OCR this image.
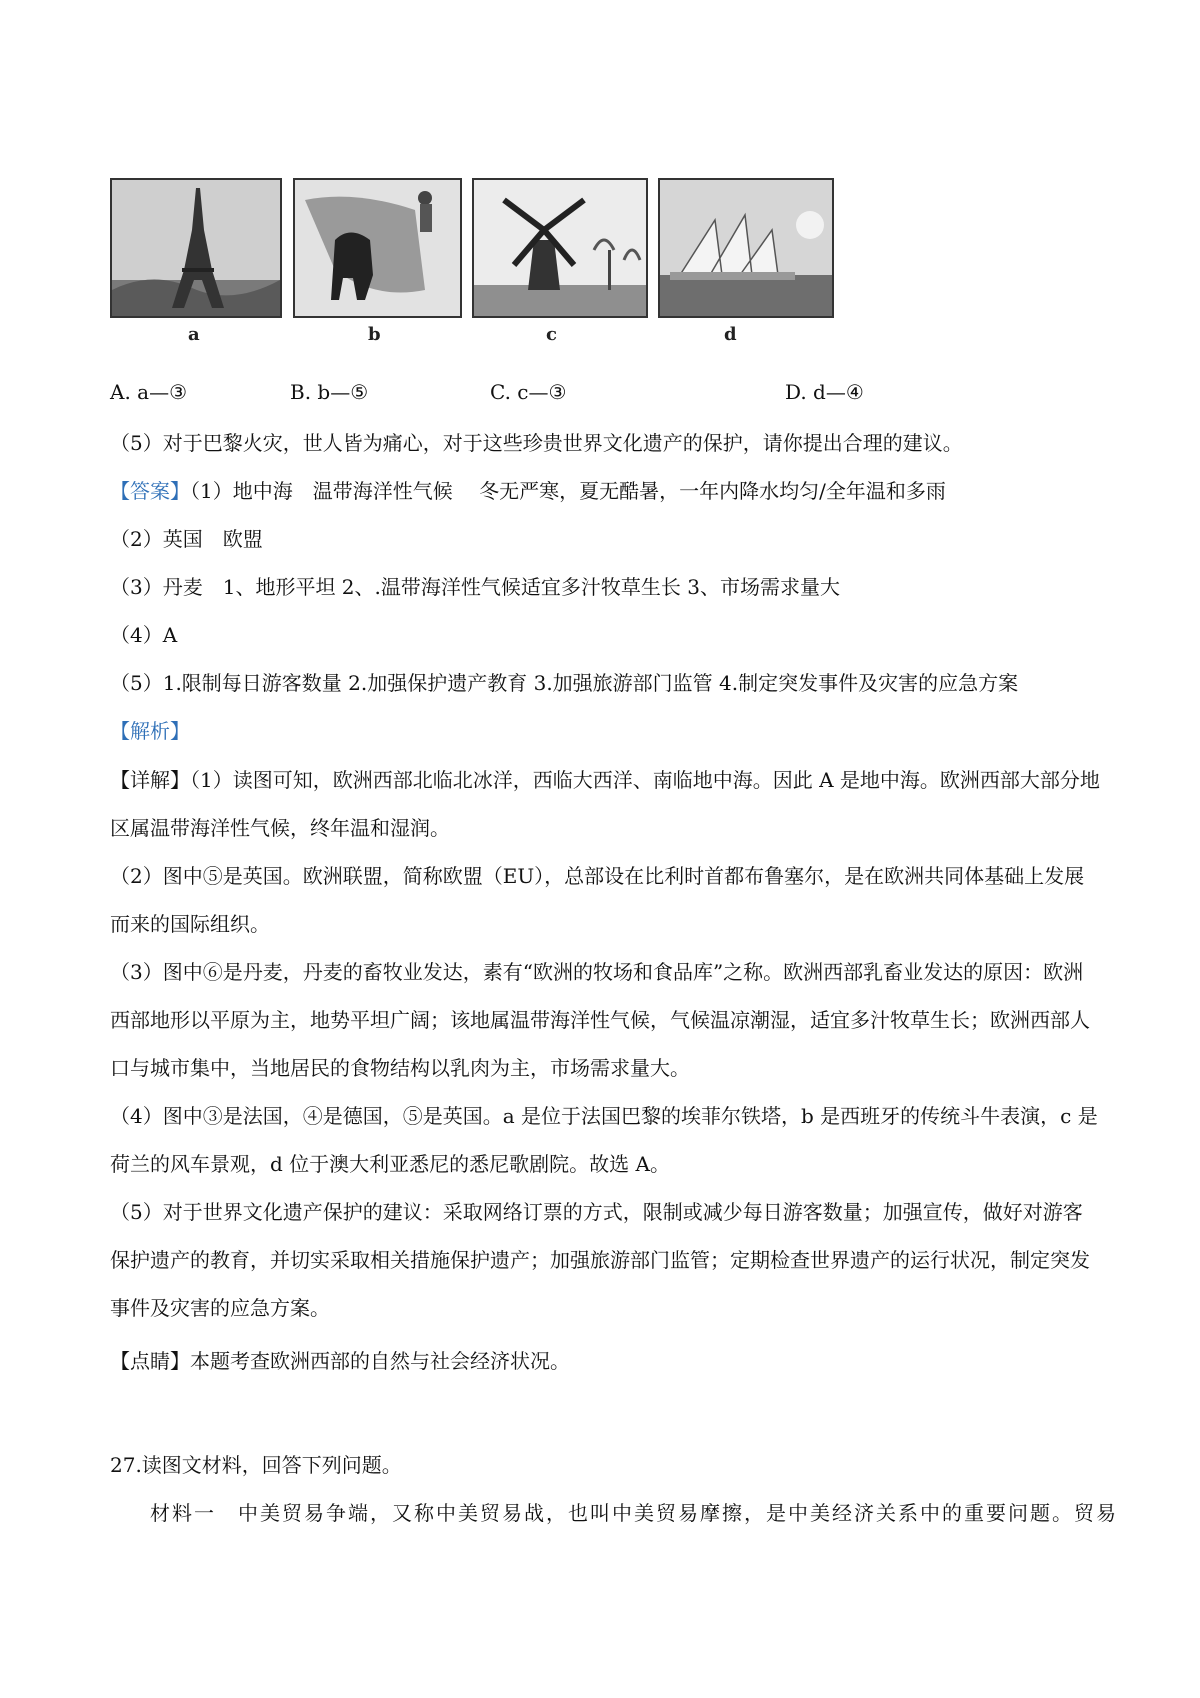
a	b	c	d
A. a—③	B. b—⑤	C. c—③	D. d—④
（5）对于巴黎火灾，世人皆为痛心，对于这些珍贵世界文化遗产的保护，请你提出合理的建议。
【答案】（1）地中海　温带海洋性气候　 冬无严寒，夏无酷暑，一年内降水均匀/全年温和多雨
（2）英国　欧盟
（3）丹麦　1、地形平坦 2、.温带海洋性气候适宜多汁牧草生长 3、市场需求量大
（4）A
（5）1.限制每日游客数量 2.加强保护遗产教育 3.加强旅游部门监管 4.制定突发事件及灾害的应急方案
【解析】
【详解】（1）读图可知，欧洲西部北临北冰洋，西临大西洋、南临地中海。因此 A 是地中海。欧洲西部大部分地区属温带海洋性气候，终年温和湿润。
（2）图中⑤是英国。欧洲联盟，简称欧盟（EU），总部设在比利时首都布鲁塞尔，是在欧洲共同体基础上发展而来的国际组织。
（3）图中⑥是丹麦，丹麦的畜牧业发达，素有“欧洲的牧场和食品库”之称。欧洲西部乳畜业发达的原因：欧洲西部地形以平原为主，地势平坦广阔；该地属温带海洋性气候，气候温凉潮湿，适宜多汁牧草生长；欧洲西部人口与城市集中，当地居民的食物结构以乳肉为主，市场需求量大。
（4）图中③是法国，④是德国，⑤是英国。a 是位于法国巴黎的埃菲尔铁塔，b 是西班牙的传统斗牛表演，c 是荷兰的风车景观，d 位于澳大利亚悉尼的悉尼歌剧院。故选 A。
（5）对于世界文化遗产保护的建议：采取网络订票的方式，限制或减少每日游客数量；加强宣传，做好对游客保护遗产的教育，并切实采取相关措施保护遗产；加强旅游部门监管；定期检查世界遗产的运行状况，制定突发事件及灾害的应急方案。
【点睛】本题考查欧洲西部的自然与社会经济状况。
27.读图文材料，回答下列问题。
材料一　中美贸易争端，又称中美贸易战，也叫中美贸易摩擦，是中美经济关系中的重要问题。贸易
